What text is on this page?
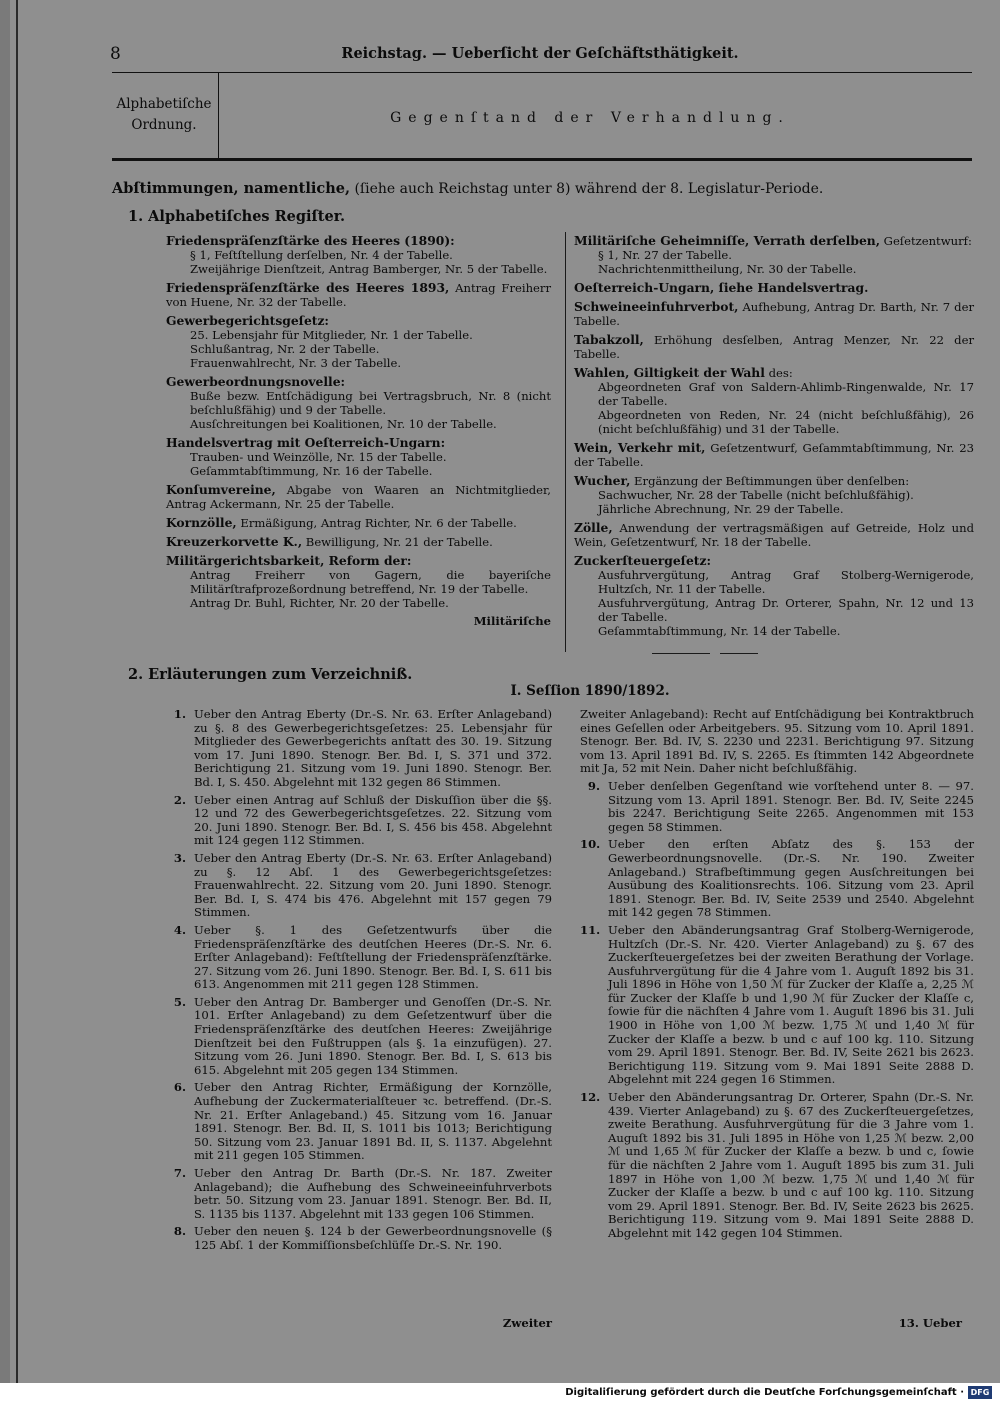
8	Reichstag. — Ueberſicht der Geſchäftsthätigkeit.
Alphabetiſche
Ordnung.	Gegenſtand der Verhandlung.
Abſtimmungen, namentliche, (ſiehe auch Reichstag unter 8) während der 8. Legislatur-Periode.
1. Alphabetiſches Regiſter.
Friedenspräſenzſtärke des Heeres (1890):
§ 1, Feſtſtellung derſelben, Nr. 4 der Tabelle.
Zweijährige Dienſtzeit, Antrag Bamberger, Nr. 5 der Tabelle.
Friedenspräſenzſtärke des Heeres 1893, Antrag Freiherr von Huene, Nr. 32 der Tabelle.
Gewerbegerichtsgeſetz:
25. Lebensjahr für Mitglieder, Nr. 1 der Tabelle.
Schlußantrag, Nr. 2 der Tabelle.
Frauenwahlrecht, Nr. 3 der Tabelle.
Gewerbeordnungsnovelle:
Buße bezw. Entſchädigung bei Vertragsbruch, Nr. 8 (nicht beſchlußfähig) und 9 der Tabelle.
Ausſchreitungen bei Koalitionen, Nr. 10 der Tabelle.
Handelsvertrag mit Oeſterreich-Ungarn:
Trauben- und Weinzölle, Nr. 15 der Tabelle.
Geſammtabſtimmung, Nr. 16 der Tabelle.
Konſumvereine, Abgabe von Waaren an Nichtmitglieder, Antrag Ackermann, Nr. 25 der Tabelle.
Kornzölle, Ermäßigung, Antrag Richter, Nr. 6 der Tabelle.
Kreuzerkorvette K., Bewilligung, Nr. 21 der Tabelle.
Militärgerichtsbarkeit, Reform der:
Antrag Freiherr von Gagern, die bayeriſche Militärſtrafprozeßordnung betreffend, Nr. 19 der Tabelle.
Antrag Dr. Buhl, Richter, Nr. 20 der Tabelle.
Militäriſche
Militäriſche Geheimniſſe, Verrath derſelben, Geſetzentwurf:
§ 1, Nr. 27 der Tabelle.
Nachrichtenmittheilung, Nr. 30 der Tabelle.
Oeſterreich-Ungarn, ſiehe Handelsvertrag.
Schweineeinfuhrverbot, Aufhebung, Antrag Dr. Barth, Nr. 7 der Tabelle.
Tabakzoll, Erhöhung desſelben, Antrag Menzer, Nr. 22 der Tabelle.
Wahlen, Giltigkeit der Wahl des:
Abgeordneten Graf von Saldern-Ahlimb-Ringenwalde, Nr. 17 der Tabelle.
Abgeordneten von Reden, Nr. 24 (nicht beſchlußfähig), 26 (nicht beſchlußfähig) und 31 der Tabelle.
Wein, Verkehr mit, Geſetzentwurf, Geſammtabſtimmung, Nr. 23 der Tabelle.
Wucher, Ergänzung der Beſtimmungen über denſelben:
Sachwucher, Nr. 28 der Tabelle (nicht beſchlußfähig).
Jährliche Abrechnung, Nr. 29 der Tabelle.
Zölle, Anwendung der vertragsmäßigen auf Getreide, Holz und Wein, Geſetzentwurf, Nr. 18 der Tabelle.
Zuckerſteuergeſetz:
Ausfuhrvergütung, Antrag Graf Stolberg-Wernigerode, Hultzſch, Nr. 11 der Tabelle.
Ausfuhrvergütung, Antrag Dr. Orterer, Spahn, Nr. 12 und 13 der Tabelle.
Geſammtabſtimmung, Nr. 14 der Tabelle.
2. Erläuterungen zum Verzeichniß.
I. Seſſion 1890/1892.
1. Ueber den Antrag Eberty (Dr.-S. Nr. 63. Erſter Anlageband) zu §. 8 des Gewerbegerichtsgeſetzes: 25. Lebensjahr für Mitglieder des Gewerbegerichts anſtatt des 30. 19. Sitzung vom 17. Juni 1890. Stenogr. Ber. Bd. I, S. 371 und 372. Berichtigung 21. Sitzung vom 19. Juni 1890. Stenogr. Ber. Bd. I, S. 450. Abgelehnt mit 132 gegen 86 Stimmen.
2. Ueber einen Antrag auf Schluß der Diskuſſion über die §§. 12 und 72 des Gewerbegerichtsgeſetzes. 22. Sitzung vom 20. Juni 1890. Stenogr. Ber. Bd. I, S. 456 bis 458. Abgelehnt mit 124 gegen 112 Stimmen.
3. Ueber den Antrag Eberty (Dr.-S. Nr. 63. Erſter Anlageband) zu §. 12 Abſ. 1 des Gewerbegerichtsgeſetzes: Frauenwahlrecht. 22. Sitzung vom 20. Juni 1890. Stenogr. Ber. Bd. I, S. 474 bis 476. Abgelehnt mit 157 gegen 79 Stimmen.
4. Ueber §. 1 des Geſetzentwurfs über die Friedenspräſenzſtärke des deutſchen Heeres (Dr.-S. Nr. 6. Erſter Anlageband): Feſtſtellung der Friedenspräſenzſtärke. 27. Sitzung vom 26. Juni 1890. Stenogr. Ber. Bd. I, S. 611 bis 613. Angenommen mit 211 gegen 128 Stimmen.
5. Ueber den Antrag Dr. Bamberger und Genoſſen (Dr.-S. Nr. 101. Erſter Anlageband) zu dem Geſetzentwurf über die Friedenspräſenzſtärke des deutſchen Heeres: Zweijährige Dienſtzeit bei den Fußtruppen (als §. 1a einzufügen). 27. Sitzung vom 26. Juni 1890. Stenogr. Ber. Bd. I, S. 613 bis 615. Abgelehnt mit 205 gegen 134 Stimmen.
6. Ueber den Antrag Richter, Ermäßigung der Kornzölle, Aufhebung der Zuckermaterialſteuer ꝛc. betreffend. (Dr.-S. Nr. 21. Erſter Anlageband.) 45. Sitzung vom 16. Januar 1891. Stenogr. Ber. Bd. II, S. 1011 bis 1013; Berichtigung 50. Sitzung vom 23. Januar 1891 Bd. II, S. 1137. Abgelehnt mit 211 gegen 105 Stimmen.
7. Ueber den Antrag Dr. Barth (Dr.-S. Nr. 187. Zweiter Anlageband); die Aufhebung des Schweineeinfuhrverbots betr. 50. Sitzung vom 23. Januar 1891. Stenogr. Ber. Bd. II, S. 1135 bis 1137. Abgelehnt mit 133 gegen 106 Stimmen.
8. Ueber den neuen §. 124 b der Gewerbeordnungsnovelle (§ 125 Abſ. 1 der Kommiſſionsbeſchlüſſe Dr.-S. Nr. 190.
Zweiter
Zweiter Anlageband): Recht auf Entſchädigung bei Kontraktbruch eines Geſellen oder Arbeitgebers. 95. Sitzung vom 10. April 1891. Stenogr. Ber. Bd. IV, S. 2230 und 2231. Berichtigung 97. Sitzung vom 13. April 1891 Bd. IV, S. 2265. Es ſtimmten 142 Abgeordnete mit Ja, 52 mit Nein. Daher nicht beſchlußfähig.
9. Ueber denſelben Gegenſtand wie vorſtehend unter 8. — 97. Sitzung vom 13. April 1891. Stenogr. Ber. Bd. IV, Seite 2245 bis 2247. Berichtigung Seite 2265. Angenommen mit 153 gegen 58 Stimmen.
10. Ueber den erſten Abſatz des §. 153 der Gewerbeordnungsnovelle. (Dr.-S. Nr. 190. Zweiter Anlageband.) Strafbeſtimmung gegen Ausſchreitungen bei Ausübung des Koalitionsrechts. 106. Sitzung vom 23. April 1891. Stenogr. Ber. Bd. IV, Seite 2539 und 2540. Abgelehnt mit 142 gegen 78 Stimmen.
11. Ueber den Abänderungsantrag Graf Stolberg-Wernigerode, Hultzſch (Dr.-S. Nr. 420. Vierter Anlageband) zu §. 67 des Zuckerſteuergeſetzes bei der zweiten Berathung der Vorlage. Ausfuhrvergütung für die 4 Jahre vom 1. Auguſt 1892 bis 31. Juli 1896 in Höhe von 1,50 ℳ für Zucker der Klaſſe a, 2,25 ℳ für Zucker der Klaſſe b und 1,90 ℳ für Zucker der Klaſſe c, ſowie für die nächſten 4 Jahre vom 1. Auguſt 1896 bis 31. Juli 1900 in Höhe von 1,00 ℳ bezw. 1,75 ℳ und 1,40 ℳ für Zucker der Klaſſe a bezw. b und c auf 100 kg. 110. Sitzung vom 29. April 1891. Stenogr. Ber. Bd. IV, Seite 2621 bis 2623. Berichtigung 119. Sitzung vom 9. Mai 1891 Seite 2888 D. Abgelehnt mit 224 gegen 16 Stimmen.
12. Ueber den Abänderungsantrag Dr. Orterer, Spahn (Dr.-S. Nr. 439. Vierter Anlageband) zu §. 67 des Zuckerſteuergeſetzes, zweite Berathung. Ausfuhrvergütung für die 3 Jahre vom 1. Auguſt 1892 bis 31. Juli 1895 in Höhe von 1,25 ℳ bezw. 2,00 ℳ und 1,65 ℳ für Zucker der Klaſſe a bezw. b und c, ſowie für die nächſten 2 Jahre vom 1. Auguſt 1895 bis zum 31. Juli 1897 in Höhe von 1,00 ℳ bezw. 1,75 ℳ und 1,40 ℳ für Zucker der Klaſſe a bezw. b und c auf 100 kg. 110. Sitzung vom 29. April 1891. Stenogr. Ber. Bd. IV, Seite 2623 bis 2625. Berichtigung 119. Sitzung vom 9. Mai 1891 Seite 2888 D. Abgelehnt mit 142 gegen 104 Stimmen.
13. Ueber
Digitaliſierung gefördert durch die Deutſche Forſchungsgemeinſchaft · DFG
